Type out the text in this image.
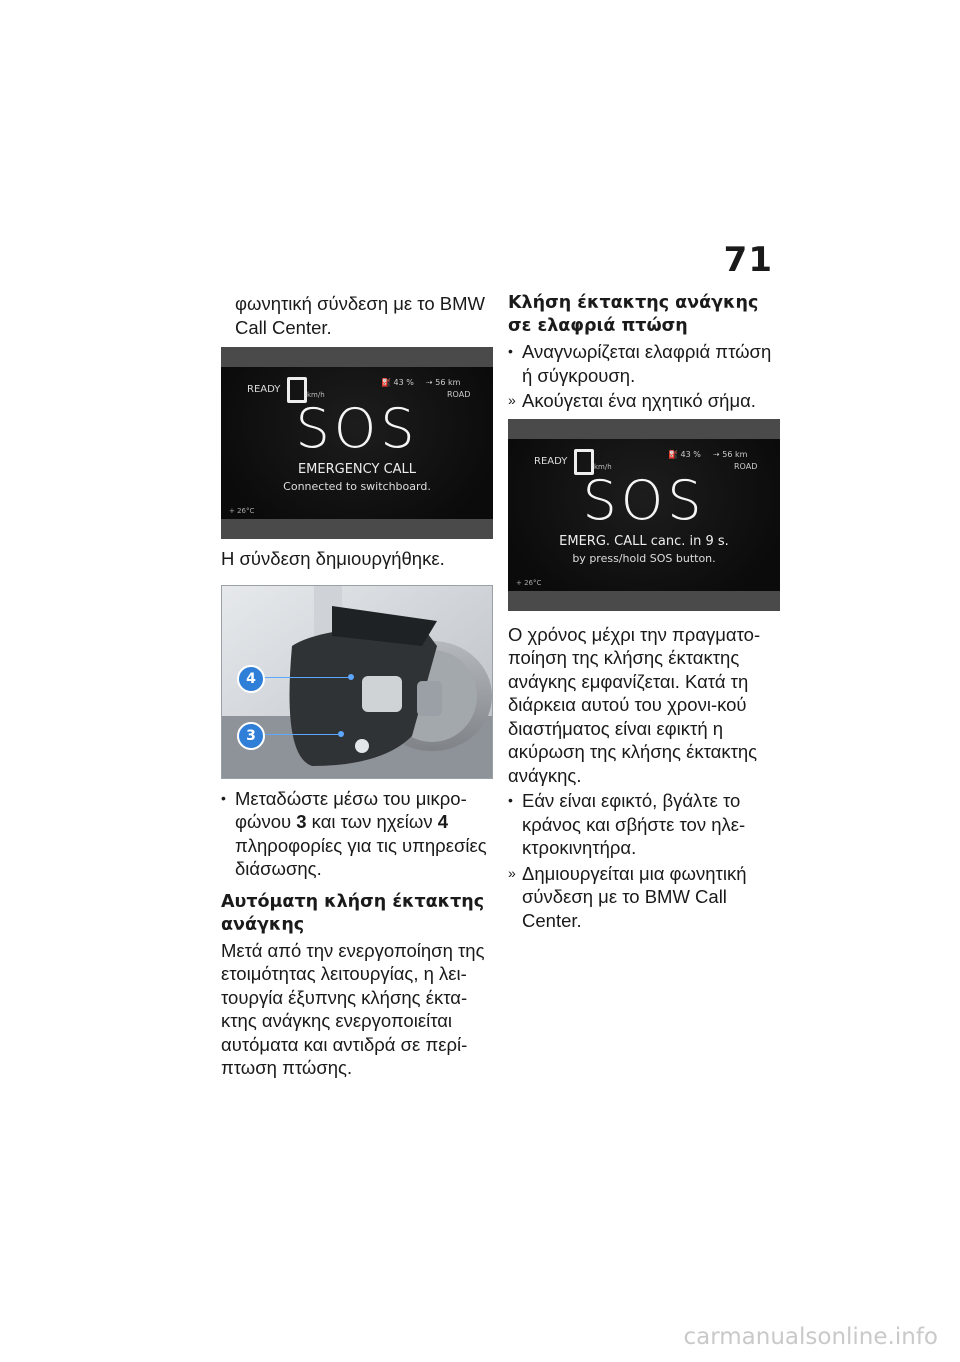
71

φωνητική σύνδεση με το BMW Call Center.

READY	km/h
⛽ 43 % ⇢ 56 km
ROAD
SOS
EMERGENCY CALL
Connected to switchboard.
+ 26°C

Η σύνδεση δημιουργήθηκε.

4
3
• Μεταδώστε μέσω του μικρο-φώνου 3 και των ηχείων 4 πληροφορίες για τις υπηρεσίες διάσωσης.
Αυτόματη κλήση έκτακτης ανάγκης

Μετά από την ενεργοποίηση της ετοιμότητας λειτουργίας, η λει-τουργία έξυπνης κλήσης έκτα-κτης ανάγκης ενεργοποιείται αυτόματα και αντιδρά σε περί-πτωση πτώσης.

Κλήση έκτακτης ανάγκης σε ελαφριά πτώση
• Αναγνωρίζεται ελαφριά πτώση ή σύγκρουση.
» Ακούγεται ένα ηχητικό σήμα.
READY	km/h
⛽ 43 % ⇢ 56 km
ROAD
SOS
EMERG. CALL canc. in 9 s.
by press/hold SOS button.
+ 26°C

Ο χρόνος μέχρι την πραγματο-ποίηση της κλήσης έκτακτης ανάγκης εμφανίζεται. Κατά τη διάρκεια αυτού του χρονι-κού διαστήματος είναι εφικτή η ακύρωση της κλήσης έκτακτης ανάγκης.

• Εάν είναι εφικτό, βγάλτε το κράνος και σβήστε τον ηλε-κτροκινητήρα.
» Δημιουργείται μια φωνητική σύνδεση με το BMW Call Center.
carmanualsonline.info
